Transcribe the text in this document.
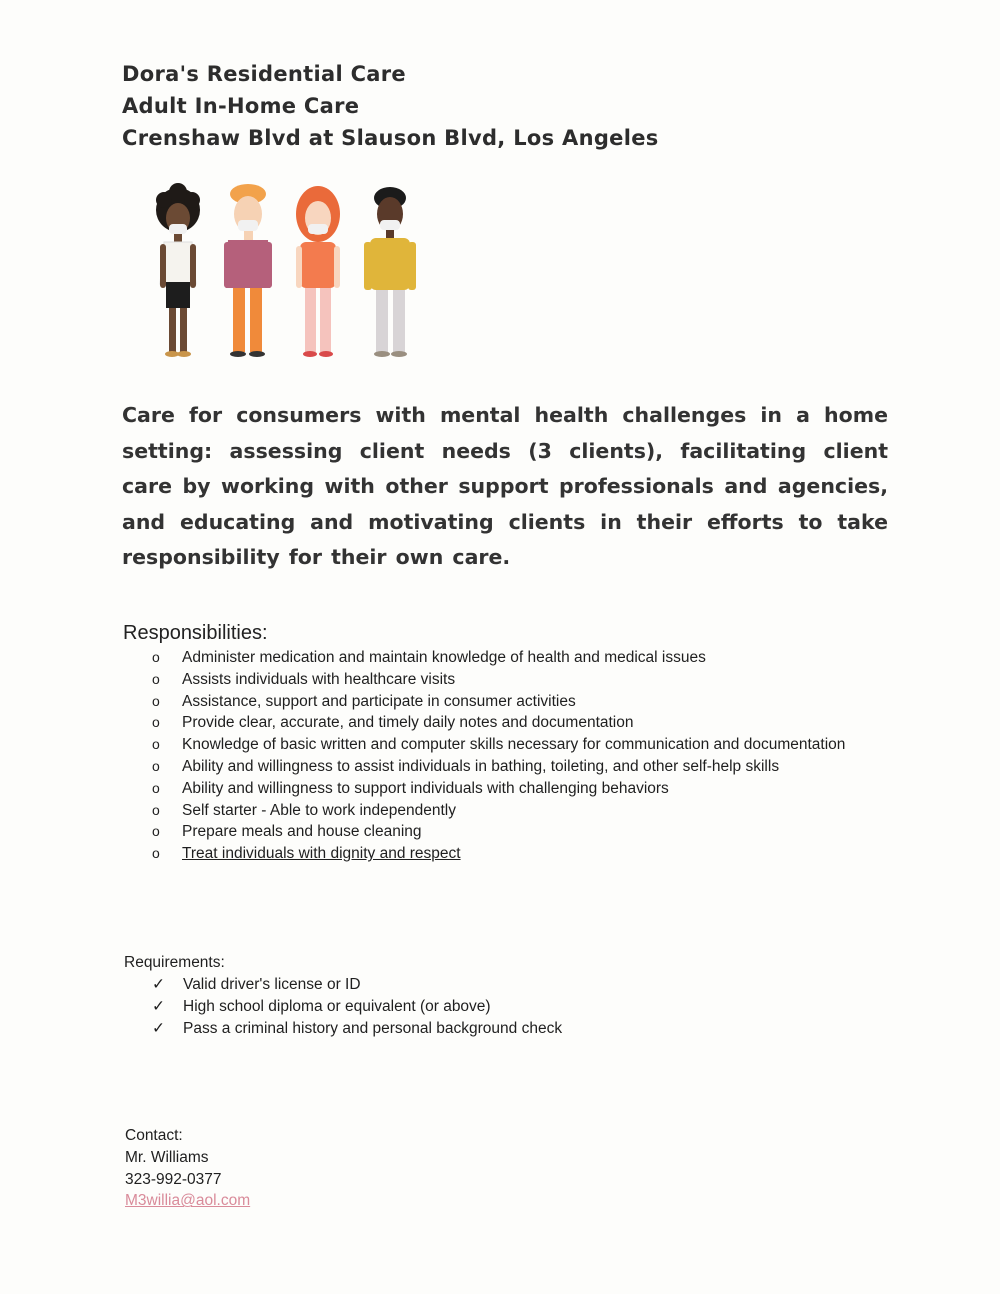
Dora's Residential Care
Adult In-Home Care
Crenshaw Blvd at Slauson Blvd, Los Angeles

Care for consumers with mental health challenges in a home setting: assessing client needs (3 clients), facilitating client care by working with other support professionals and agencies, and educating and motivating clients in their efforts to take responsibility for their own care.

Responsibilities:
o Administer medication and maintain knowledge of health and medical issues
o Assists individuals with healthcare visits
o Assistance, support and participate in consumer activities
o Provide clear, accurate, and timely daily notes and documentation
o Knowledge of basic written and computer skills necessary for communication and documentation
o Ability and willingness to assist individuals in bathing, toileting, and other self-help skills
o Ability and willingness to support individuals with challenging behaviors
o Self starter - Able to work independently
o Prepare meals and house cleaning
o Treat individuals with dignity and respect
Requirements:
✓ Valid driver's license or ID
✓ High school diploma or equivalent (or above)
✓ Pass a criminal history and personal background check
Contact:
Mr. Williams
323-992-0377
M3willia@aol.com
